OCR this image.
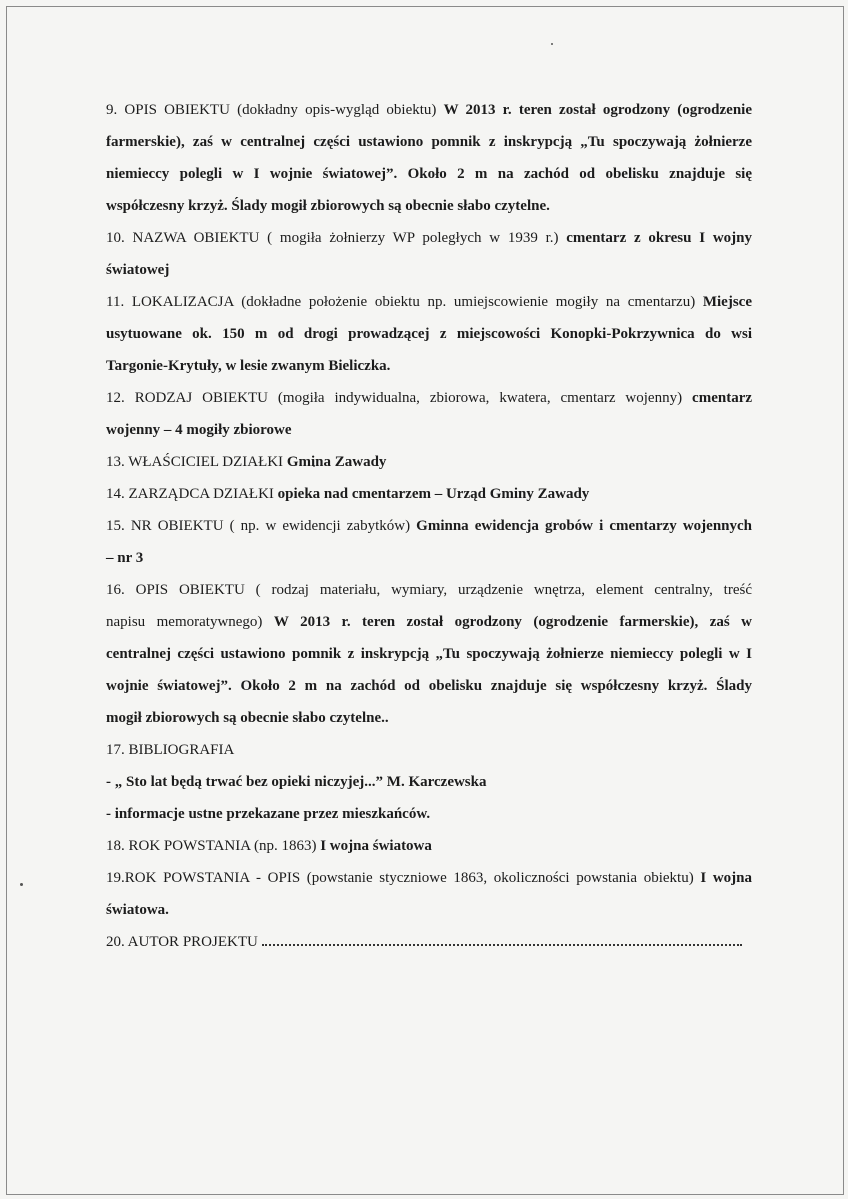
9. OPIS OBIEKTU (dokładny opis-wygląd obiektu) W 2013 r. teren został ogrodzony (ogrodzenie
farmerskie), zaś w centralnej części ustawiono pomnik z inskrypcją „Tu spoczywają żołnierze
niemieccy polegli w I wojnie światowej”. Około 2 m na zachód od obelisku znajduje się
współczesny krzyż. Ślady mogił zbiorowych są obecnie słabo czytelne.
10. NAZWA OBIEKTU ( mogiła żołnierzy WP poległych w 1939 r.) cmentarz z okresu I wojny
światowej
11. LOKALIZACJA (dokładne położenie obiektu np. umiejscowienie mogiły na cmentarzu) Miejsce
usytuowane ok. 150 m od drogi prowadzącej z miejscowości Konopki-Pokrzywnica do wsi
Targonie-Krytuły, w lesie zwanym Bieliczka.
12. RODZAJ OBIEKTU (mogiła indywidualna, zbiorowa, kwatera, cmentarz wojenny) cmentarz
wojenny – 4 mogiły zbiorowe
13. WŁAŚCICIEL DZIAŁKI Gmina Zawady
14. ZARZĄDCA DZIAŁKI opieka nad cmentarzem – Urząd Gminy Zawady
15. NR OBIEKTU ( np. w ewidencji zabytków) Gminna ewidencja grobów i cmentarzy wojennych
– nr 3
16. OPIS OBIEKTU ( rodzaj materiału, wymiary, urządzenie wnętrza, element centralny, treść
napisu memoratywnego) W 2013 r. teren został ogrodzony (ogrodzenie farmerskie), zaś w
centralnej części ustawiono pomnik z inskrypcją „Tu spoczywają żołnierze niemieccy polegli w I
wojnie światowej”. Około 2 m na zachód od obelisku znajduje się współczesny krzyż. Ślady
mogił zbiorowych są obecnie słabo czytelne..
17. BIBLIOGRAFIA
- „ Sto lat będą trwać bez opieki niczyjej...” M. Karczewska
- informacje ustne przekazane przez mieszkańców.
18. ROK POWSTANIA (np. 1863) I wojna światowa
19.ROK POWSTANIA - OPIS (powstanie styczniowe 1863, okoliczności powstania obiektu) I wojna
światowa.
20. AUTOR PROJEKTU
